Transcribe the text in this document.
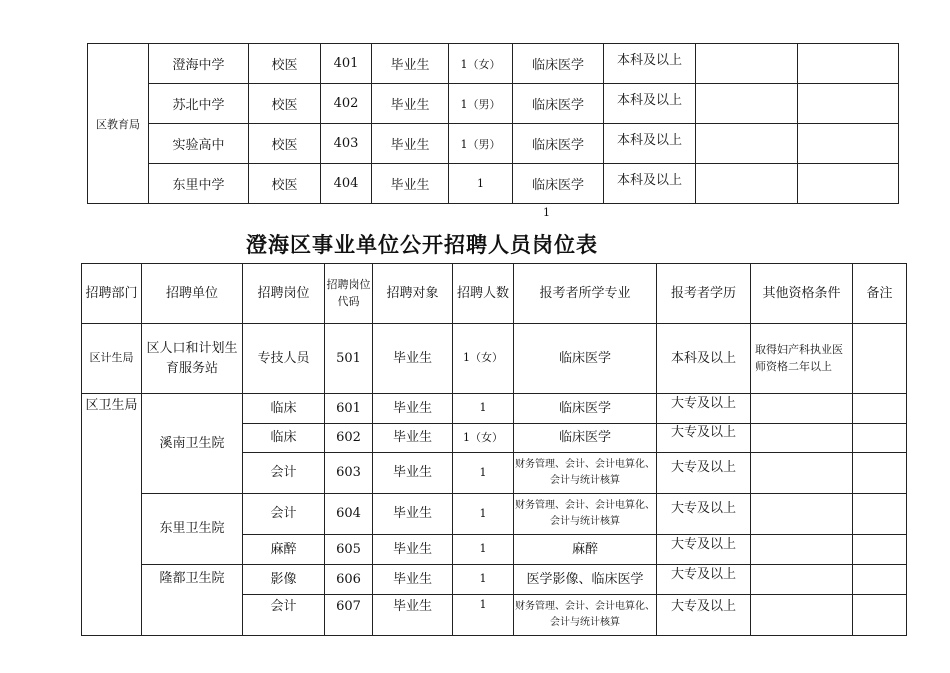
区教育局	澄海中学	校医	401	毕业生	1（女）	临床医学	本科及以上		
	苏北中学	校医	402	毕业生	1（男）	临床医学	本科及以上		
	实验高中	校医	403	毕业生	1（男）	临床医学	本科及以上		
	东里中学	校医	404	毕业生	1	临床医学	本科及以上		
1
澄海区事业单位公开招聘人员岗位表
招聘部门	招聘单位	招聘岗位	招聘岗位代码	招聘对象	招聘人数	报考者所学专业	报考者学历	其他资格条件	备注
区计生局	区人口和计划生育服务站	专技人员	501	毕业生	1（女）	临床医学	本科及以上	取得妇产科执业医师资格二年以上	
区卫生局	溪南卫生院	临床	601	毕业生	1	临床医学	大专及以上		
		临床	602	毕业生	1（女）	临床医学	大专及以上		
		会计	603	毕业生	1	财务管理、会计、会计电算化、会计与统计核算	大专及以上		
	东里卫生院	会计	604	毕业生	1	财务管理、会计、会计电算化、会计与统计核算	大专及以上		
		麻醉	605	毕业生	1	麻醉	大专及以上		
	隆都卫生院	影像	606	毕业生	1	医学影像、临床医学	大专及以上		
		会计	607	毕业生	1	财务管理、会计、会计电算化、会计与统计核算	大专及以上		
